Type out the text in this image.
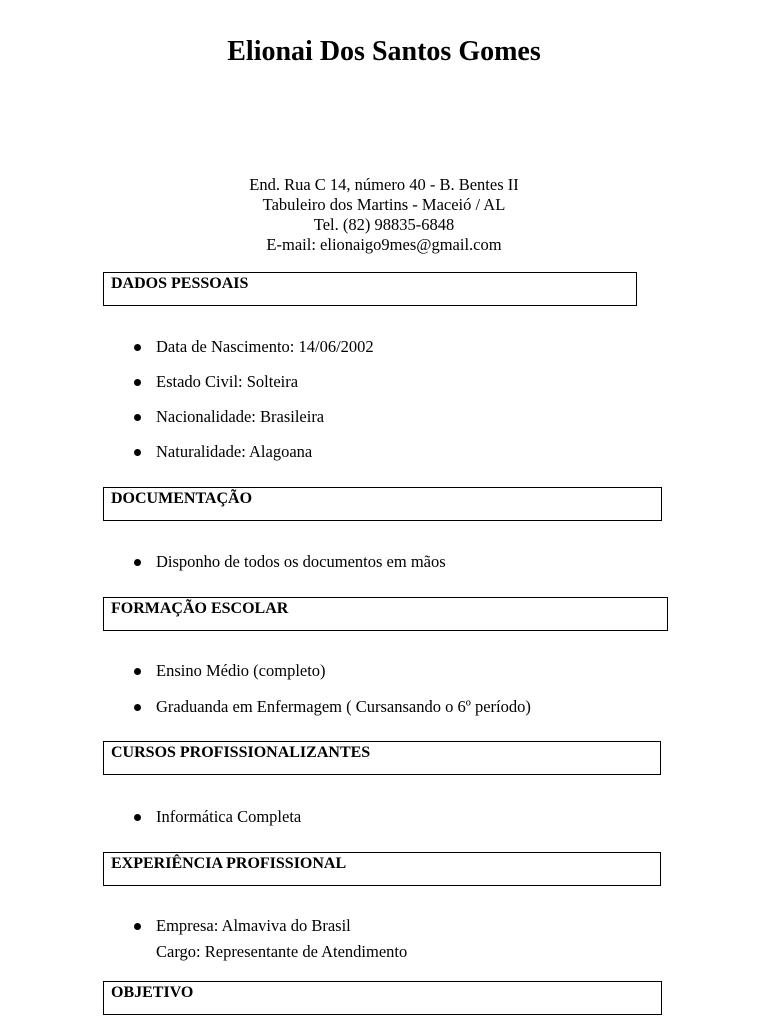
Elionai Dos Santos Gomes
End. Rua C 14, número 40 - B. Bentes II
Tabuleiro dos Martins - Maceió / AL
Tel. (82) 98835-6848
E-mail: elionaigo9mes@gmail.com
DADOS PESSOAIS
Data de Nascimento: 14/06/2002
Estado Civil: Solteira
Nacionalidade: Brasileira
Naturalidade: Alagoana
DOCUMENTAÇÃO
Disponho de todos os documentos em mãos
FORMAÇÃO ESCOLAR
Ensino Médio (completo)
Graduanda em Enfermagem ( Cursansando o 6º período)
CURSOS PROFISSIONALIZANTES
Informática Completa
EXPERIÊNCIA PROFISSIONAL
Empresa: Almaviva do Brasil
Cargo: Representante de Atendimento
OBJETIVO
